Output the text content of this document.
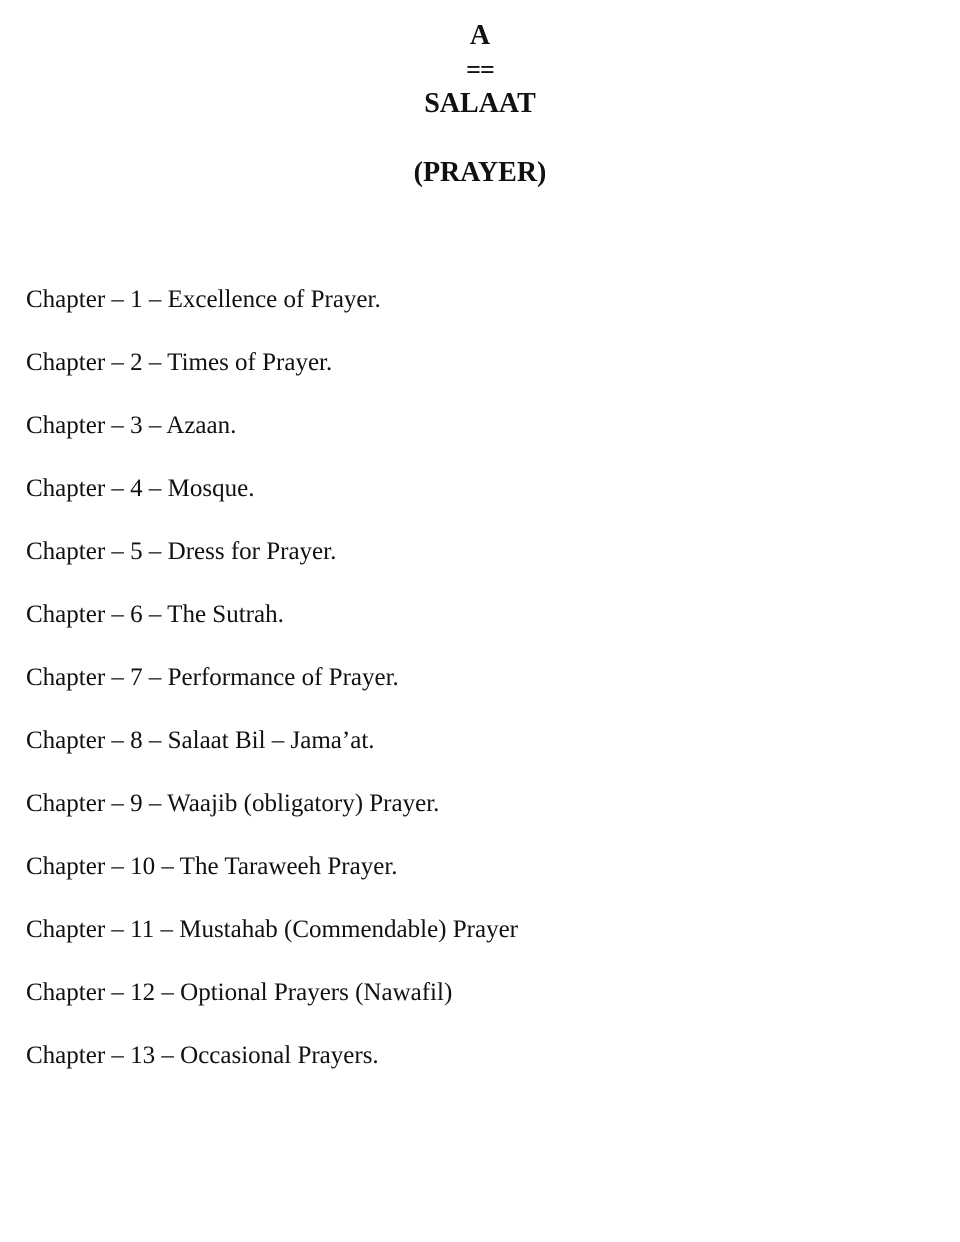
A
==
SALAAT
(PRAYER)
Chapter – 1 – Excellence of Prayer.
Chapter – 2 – Times of Prayer.
Chapter – 3 – Azaan.
Chapter – 4 – Mosque.
Chapter – 5 – Dress for Prayer.
Chapter – 6 – The Sutrah.
Chapter – 7 – Performance of Prayer.
Chapter – 8 – Salaat Bil – Jama’at.
Chapter – 9 – Waajib (obligatory) Prayer.
Chapter – 10 – The Taraweeh Prayer.
Chapter – 11 – Mustahab (Commendable) Prayer
Chapter – 12 – Optional Prayers (Nawafil)
Chapter – 13 – Occasional Prayers.
